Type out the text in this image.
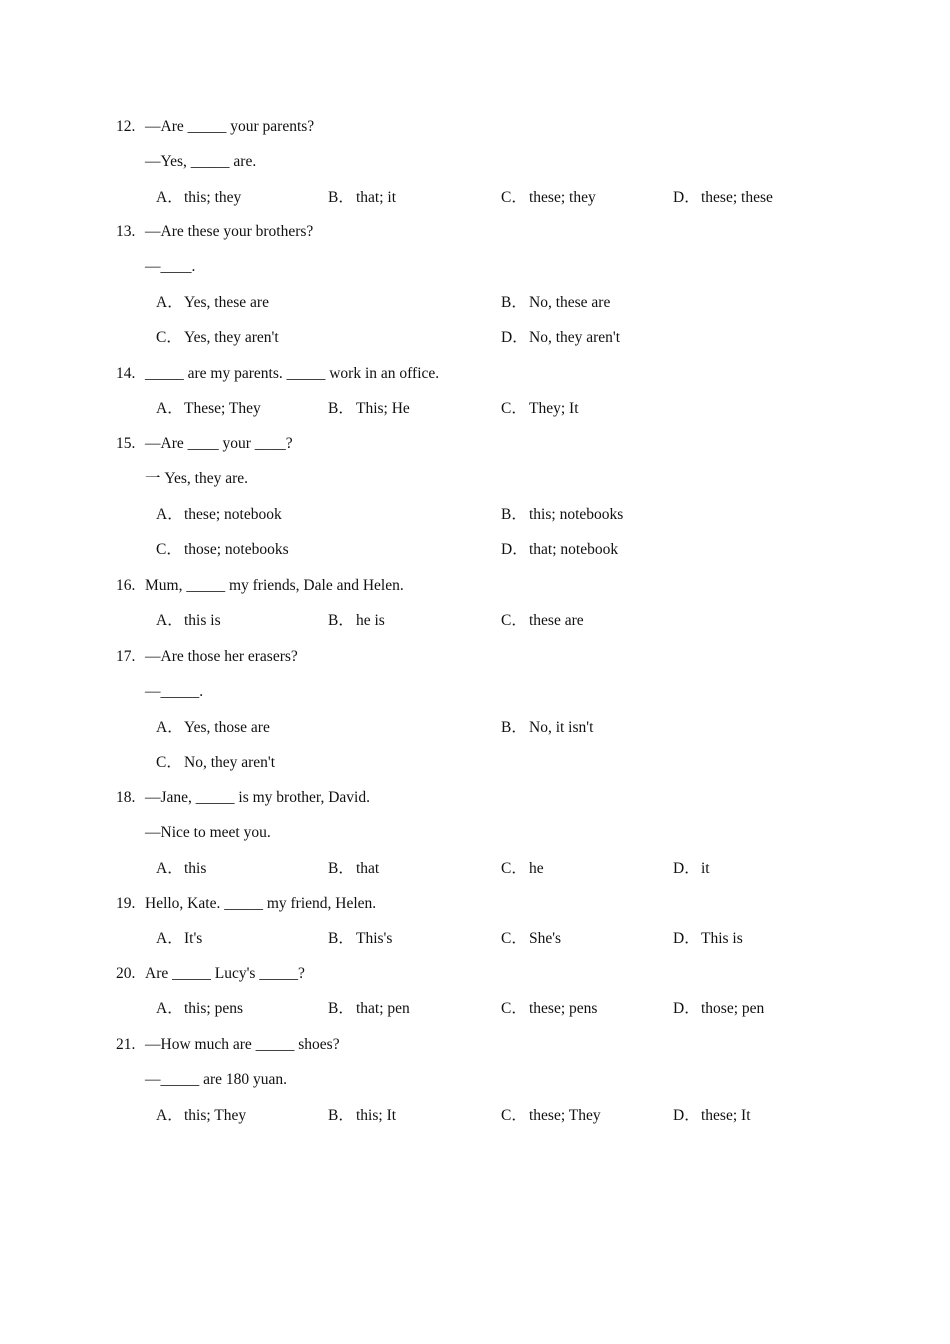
12. —Are _____ your parents?
—Yes, _____ are.
A．this; they	B． that; it	C． these; they	D．these; these
13. —Are these your brothers?
—____.
A．Yes, these are	B． No, these are
C． Yes, they aren't	D．No, they aren't
14. _____ are my parents. _____ work in an office.
A．These; They	B． This; He	C． They; It
15. —Are ____ your ____?
一 Yes, they are.
A．these; notebook	B． this; notebooks
C． those; notebooks	D．that; notebook
16. Mum, _____ my friends, Dale and Helen.
A．this is	B． he is	C． these are
17. —Are those her erasers?
—_____.
A．Yes, those are	B． No, it isn't
C． No, they aren't
18. —Jane, _____ is my brother, David.
—Nice to meet you.
A．this	B． that	C． he	D．it
19. Hello, Kate. _____ my friend, Helen.
A．It's	B． This's	C． She's	D．This is
20. Are _____ Lucy's _____?
A．this; pens	B． that; pen	C． these; pens	D．those; pen
21. —How much are _____ shoes?
—_____ are 180 yuan.
A．this; They	B． this; It	C． these; They	D．these; It
